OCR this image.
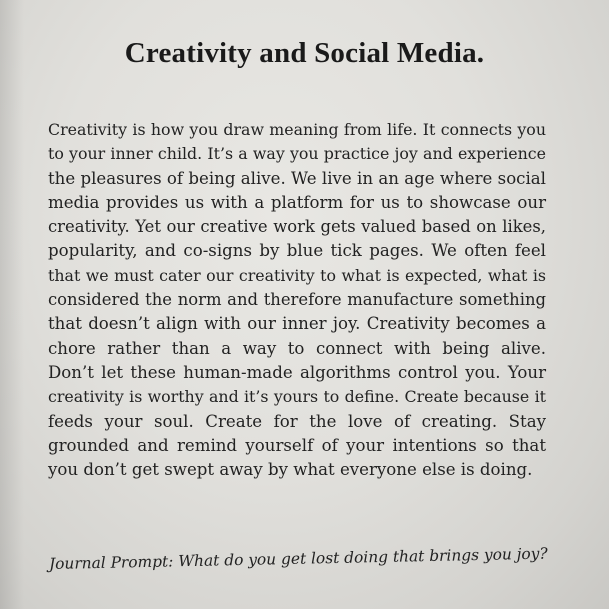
Creativity and Social Media.
Creativity is how you draw meaning from life. It connects you
to your inner child. It’s a way you practice joy and experience
the pleasures of being alive. We live in an age where social
media provides us with a platform for us to showcase our
creativity. Yet our creative work gets valued based on likes,
popularity, and co-signs by blue tick pages. We often feel
that we must cater our creativity to what is expected, what is
considered the norm and therefore manufacture something
that doesn’t align with our inner joy. Creativity becomes a
chore rather than a way to connect with being alive.
Don’t let these human-made algorithms control you. Your
creativity is worthy and it’s yours to define. Create because it
feeds your soul. Create for the love of creating. Stay
grounded and remind yourself of your intentions so that
you don’t get swept away by what everyone else is doing.
Journal Prompt: What do you get lost doing that brings you joy?
